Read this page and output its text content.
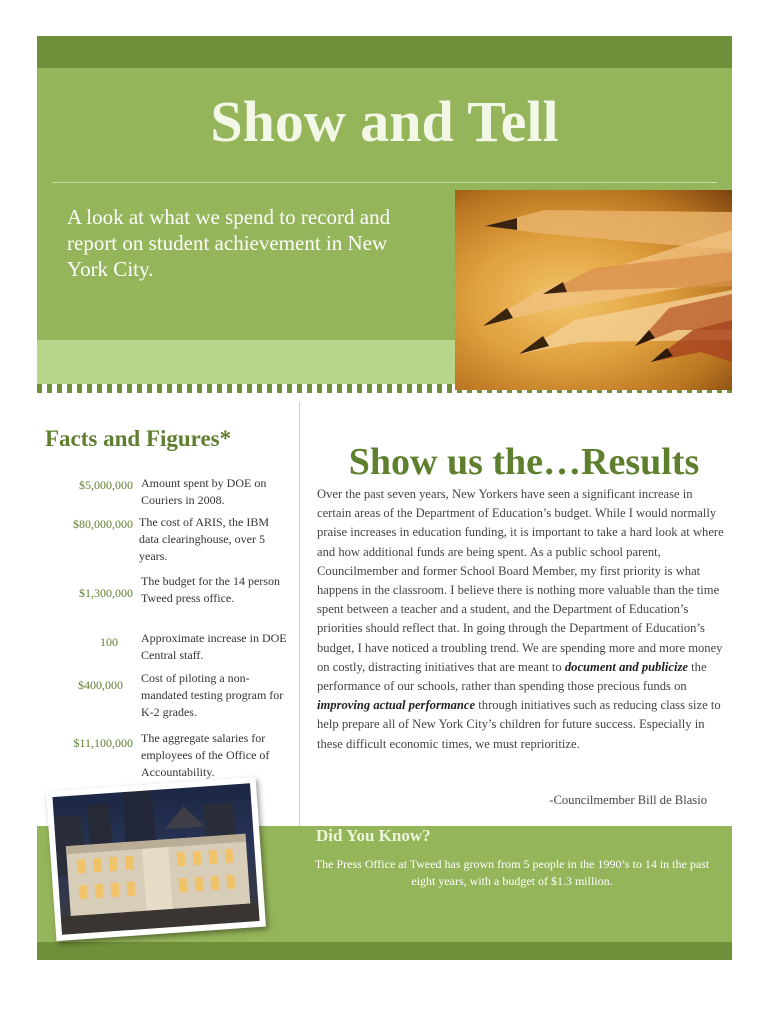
Show and Tell

A look at what we spend to record and report on student achievement in New York City.

Facts and Figures*
$5,000,000 Amount spent by DOE on Couriers in 2008.
$80,000,000 The cost of ARIS, the IBM data clearinghouse, over 5 years.
$1,300,000
The budget for the 14 person Tweed press office.
100 Approximate increase in DOE Central staff.
$400,000 Cost of piloting a non-mandated testing program for K-2 grades.
$11,100,000 The aggregate salaries for employees of the Office of Accountability.
Show us the…Results

Over the past seven years, New Yorkers have seen a significant increase in certain areas of the Department of Education’s budget. While I would normally praise increases in education funding, it is important to take a hard look at where and how additional funds are being spent. As a public school parent, Councilmember and former School Board Member, my first priority is what happens in the classroom. I believe there is nothing more valuable than the time spent between a teacher and a student, and the Department of Education’s priorities should reflect that. In going through the Department of Education’s budget, I have noticed a troubling trend. We are spending more and more money on costly, distracting initiatives that are meant to document and publicize the performance of our schools, rather than spending those precious funds on improving actual performance through initiatives such as reducing class size to help prepare all of New York City’s children for future success. Especially in these difficult economic times, we must reprioritize.

-Councilmember Bill de Blasio

Did You Know?

The Press Office at Tweed has grown from 5 people in the 1990’s to 14 in the past eight years, with a budget of $1.3 million.
